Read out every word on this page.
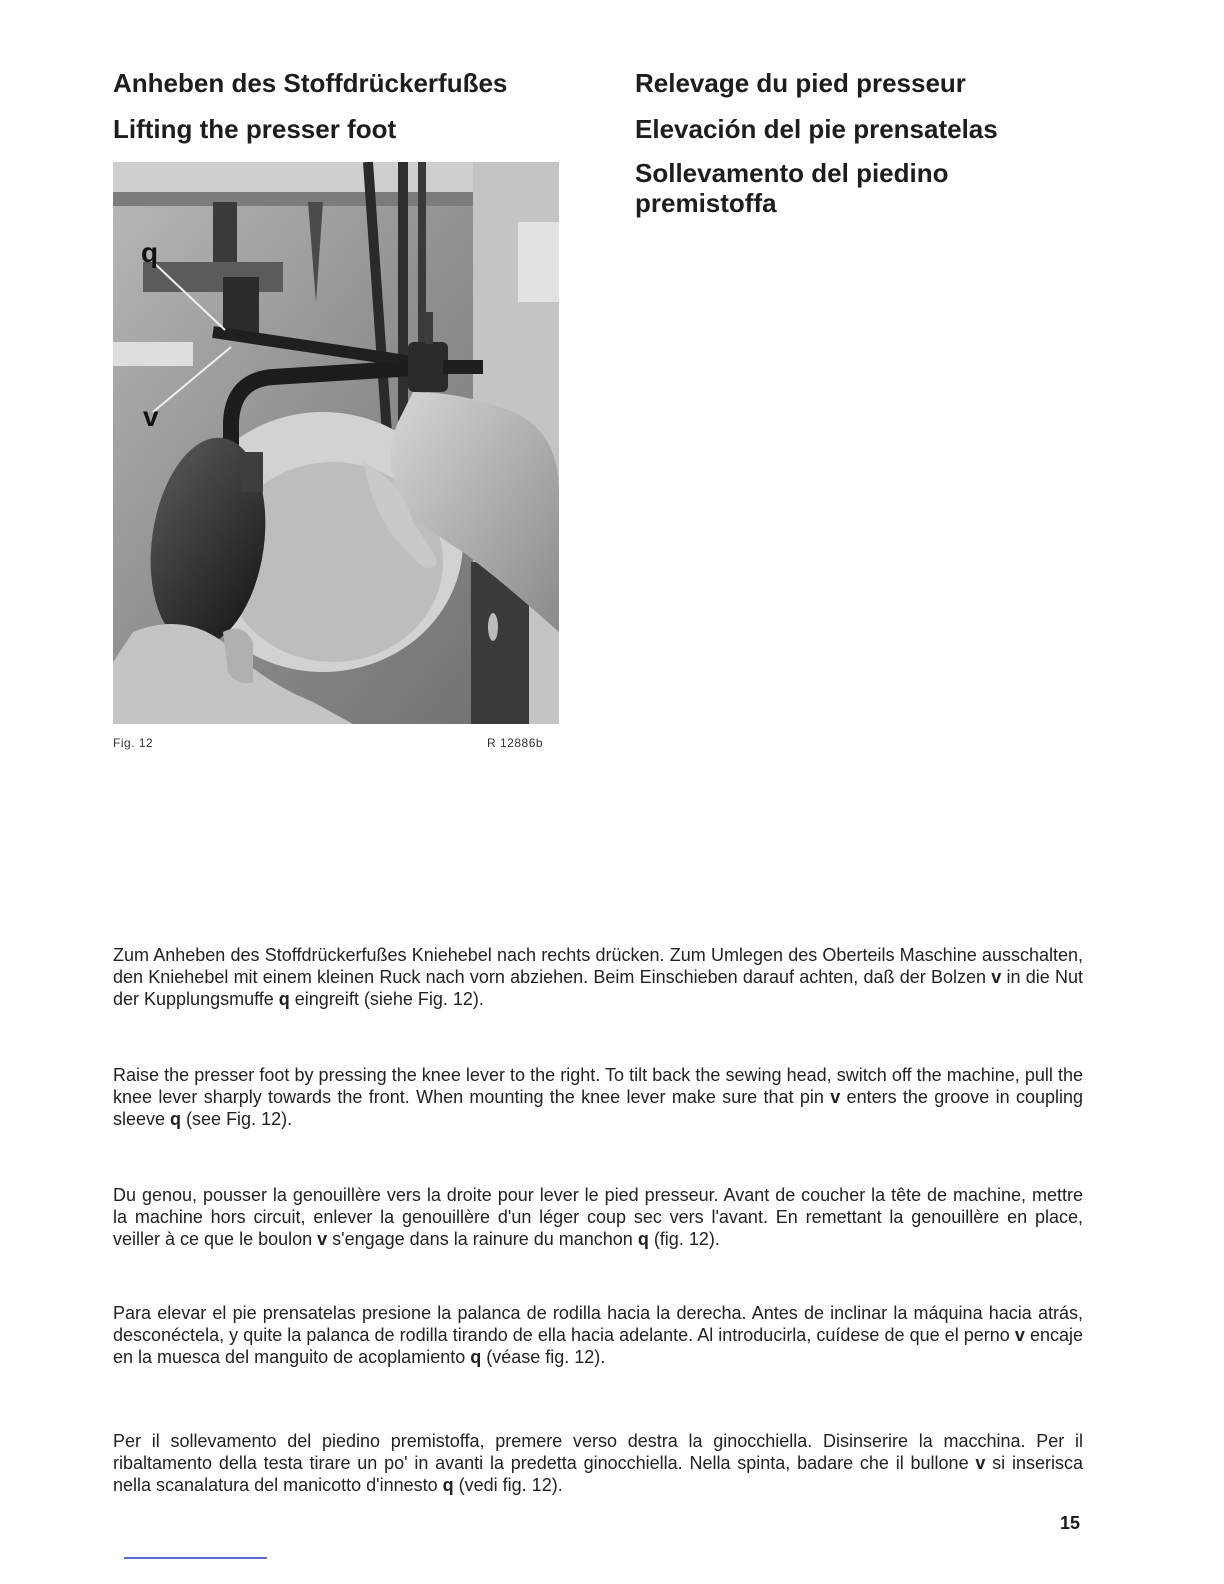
Anheben des Stoffdrückerfußes
Lifting the presser foot
Relevage du pied presseur
Elevación del pie prensatelas
Sollevamento del piedino premistoffa
q
v
Fig. 12	R 12886b

Zum Anheben des Stoffdrückerfußes Kniehebel nach rechts drücken. Zum Umlegen des Oberteils Maschine ausschalten, den Kniehebel mit einem kleinen Ruck nach vorn abziehen. Beim Einschieben darauf achten, daß der Bolzen v in die Nut der Kupplungsmuffe q eingreift (siehe Fig. 12).

Raise the presser foot by pressing the knee lever to the right. To tilt back the sewing head, switch off the machine, pull the knee lever sharply towards the front. When mounting the knee lever make sure that pin v enters the groove in coupling sleeve q (see Fig. 12).

Du genou, pousser la genouillère vers la droite pour lever le pied presseur. Avant de coucher la tête de machine, mettre la machine hors circuit, enlever la genouillère d'un léger coup sec vers l'avant. En remettant la genouillère en place, veiller à ce que le boulon v s'engage dans la rainure du manchon q (fig. 12).

Para elevar el pie prensatelas presione la palanca de rodilla hacia la derecha. Antes de inclinar la máquina hacia atrás, desconéctela, y quite la palanca de rodilla tirando de ella hacia adelante. Al introducirla, cuídese de que el perno v encaje en la muesca del manguito de acoplamiento q (véase fig. 12).

Per il sollevamento del piedino premistoffa, premere verso destra la ginocchiella. Disinserire la macchina. Per il ribaltamento della testa tirare un po' in avanti la predetta ginocchiella. Nella spinta, badare che il bullone v si inserisca nella scanalatura del manicotto d'innesto q (vedi fig. 12).

15
